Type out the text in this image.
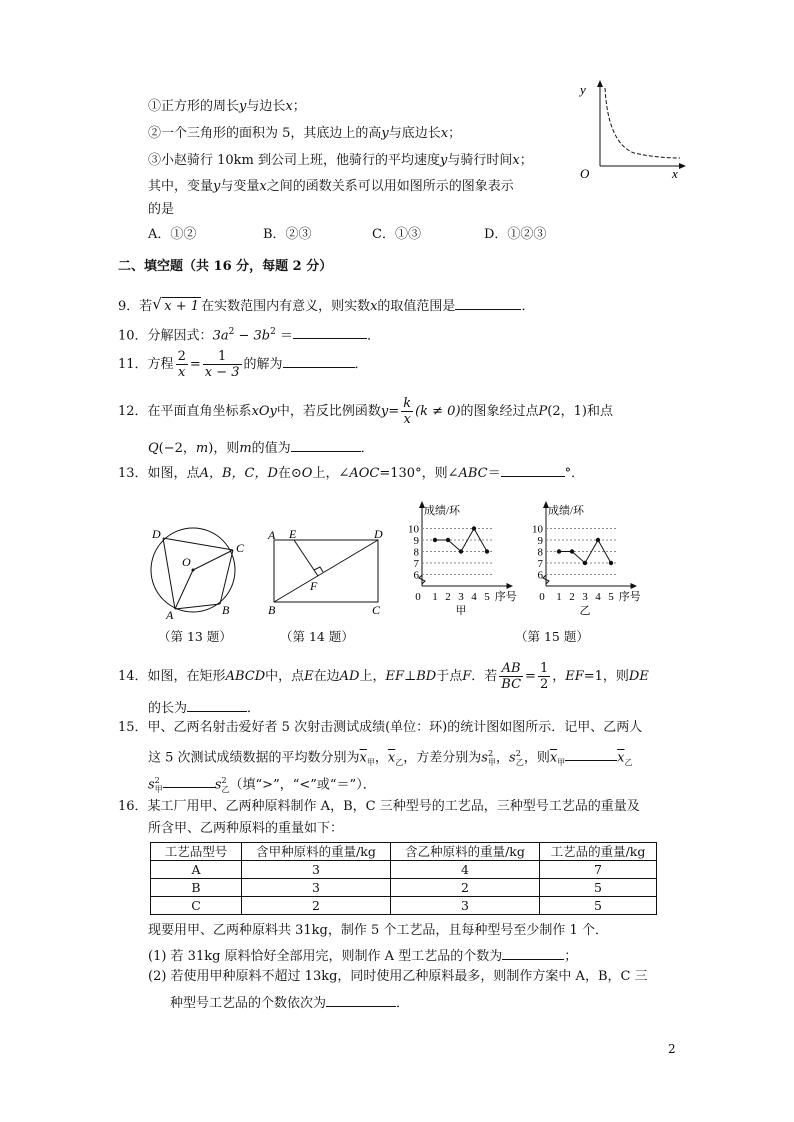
①正方形的周长y与边长x；
②一个三角形的面积为 5，其底边上的高y与底边长x；
③小赵骑行 10km 到公司上班，他骑行的平均速度y与骑行时间x；
其中，变量y与变量x之间的函数关系可以用如图所示的图象表示
的是
A．①②	B．②③	C．①③	D．①②③
y
x
O
二、填空题（共 16 分，每题 2 分）
9．若 √ x + 1 在实数范围内有意义，则实数x的取值范围是	．
10．分解因式：$3a^2 - 3b^2$ ＝	．
11．方程 $\frac{2}{x} = \frac{1}{x - 3}$ 的解为	．
12．在平面直角坐标系xOy中，若反比例函数$y= \frac{k}{x} (k \ne 0)$的图象经过点P(2，1)和点
Q(−2，m)，则m的值为	．
13．如图，点A，B，C，D在⊙O上，∠AOC=130°，则∠ABC＝	°．
D
C
O
A	B
（第 13 题）
A E	D
F
B	C
（第 14 题）
6
7
8
9
10
0 1 2 3 4 5
成绩/环
序号
甲
6
7
8
9
10
0 1 2 3 4 5
成绩/环
序号
乙
（第 15 题）
14．如图，在矩形ABCD中，点E在边AD上，EF⊥BD于点F．若 $\frac{AB}{BC} = \frac{1}{2}$ ，EF=1，则DE
的长为	．
15．甲、乙两名射击爱好者 5 次射击测试成绩(单位：环)的统计图如图所示．记甲、乙两人
这 5 次测试成绩数据的平均数分别为$\overline{x}_甲$，$\overline{x}_乙$，方差分别为$s^2_甲$，$s^2_乙$，则$\overline{x}_甲$	$\overline{x}_乙$
$s^2_甲$	$s^2_乙$（填“>”，“<”或“＝”）．
16．某工厂用甲、乙两种原料制作 A，B，C 三种型号的工艺品，三种型号工艺品的重量及
所含甲、乙两种原料的重量如下：
工艺品型号	含甲种原料的重量/kg	含乙种原料的重量/kg	工艺品的重量/kg
A	3	4	7
B	3	2	5
C	2	3	5
现要用甲、乙两种原料共 31kg，制作 5 个工艺品，且每种型号至少制作 1 个．
(1) 若 31kg 原料恰好全部用完，则制作 A 型工艺品的个数为	；
(2) 若使用甲种原料不超过 13kg，同时使用乙种原料最多，则制作方案中 A，B，C 三
种型号工艺品的个数依次为	．
2
